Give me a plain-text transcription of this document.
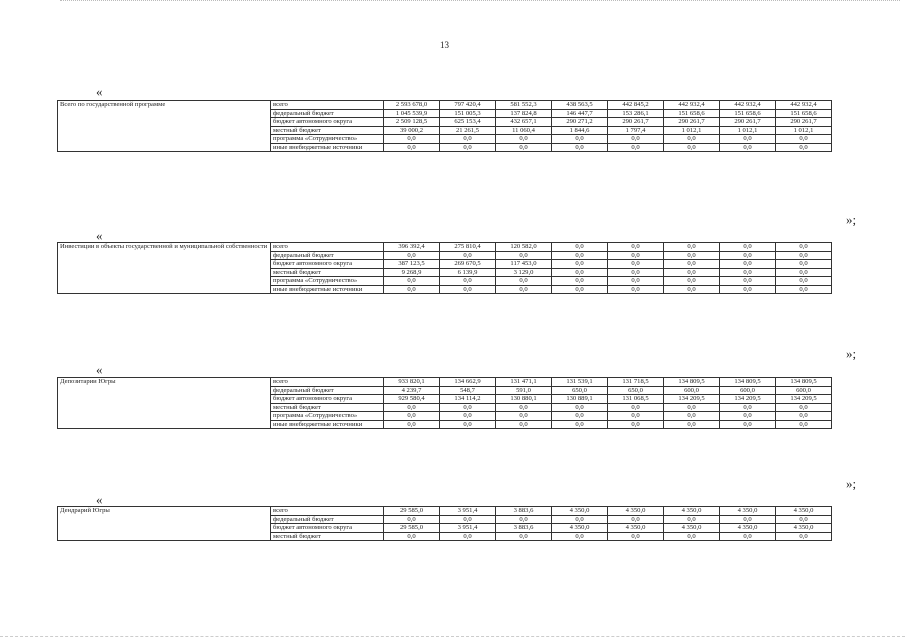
13
«
Всего по государственной программе	всего	2 593 678,0	797 420,4	581 552,3	438 563,5	442 845,2	442 932,4	442 932,4	442 932,4
	федеральный бюджет	1 045 539,9	151 005,3	137 824,8	146 447,7	153 286,1	151 658,6	151 658,6	151 658,6
	бюджет автономного округа	2 509 128,5	625 153,4	432 657,1	290 271,2	290 261,7	290 261,7	290 261,7	290 261,7
	местный бюджет	39 000,2	21 261,5	11 060,4	1 844,6	1 797,4	1 012,1	1 012,1	1 012,1
	программа «Сотрудничество»	0,0	0,0	0,0	0,0	0,0	0,0	0,0	0,0
	иные внебюджетные источники	0,0	0,0	0,0	0,0	0,0	0,0	0,0	0,0
«
»;
Инвестиции в объекты государственной и муниципальной собственности	всего	396 392,4	275 810,4	120 582,0	0,0	0,0	0,0	0,0	0,0
	федеральный бюджет	0,0	0,0	0,0	0,0	0,0	0,0	0,0	0,0
	бюджет автономного округа	387 123,5	269 670,5	117 453,0	0,0	0,0	0,0	0,0	0,0
	местный бюджет	9 268,9	6 139,9	3 129,0	0,0	0,0	0,0	0,0	0,0
	программа «Сотрудничество»	0,0	0,0	0,0	0,0	0,0	0,0	0,0	0,0
	иные внебюджетные источники	0,0	0,0	0,0	0,0	0,0	0,0	0,0	0,0
«
»;
Депозитарии Югры	всего	933 820,1	134 662,9	131 471,1	131 539,1	131 718,5	134 809,5	134 809,5	134 809,5
	федеральный бюджет	4 239,7	548,7	591,0	650,0	650,0	600,0	600,0	600,0
	бюджет автономного округа	929 580,4	134 114,2	130 880,1	130 889,1	131 068,5	134 209,5	134 209,5	134 209,5
	местный бюджет	0,0	0,0	0,0	0,0	0,0	0,0	0,0	0,0
	программа «Сотрудничество»	0,0	0,0	0,0	0,0	0,0	0,0	0,0	0,0
	иные внебюджетные источники	0,0	0,0	0,0	0,0	0,0	0,0	0,0	0,0
«
»;
Дендрарий Югры	всего	29 585,0	3 951,4	3 883,6	4 350,0	4 350,0	4 350,0	4 350,0	4 350,0
	федеральный бюджет	0,0	0,0	0,0	0,0	0,0	0,0	0,0	0,0
	бюджет автономного округа	29 585,0	3 951,4	3 883,6	4 350,0	4 350,0	4 350,0	4 350,0	4 350,0
	местный бюджет	0,0	0,0	0,0	0,0	0,0	0,0	0,0	0,0
